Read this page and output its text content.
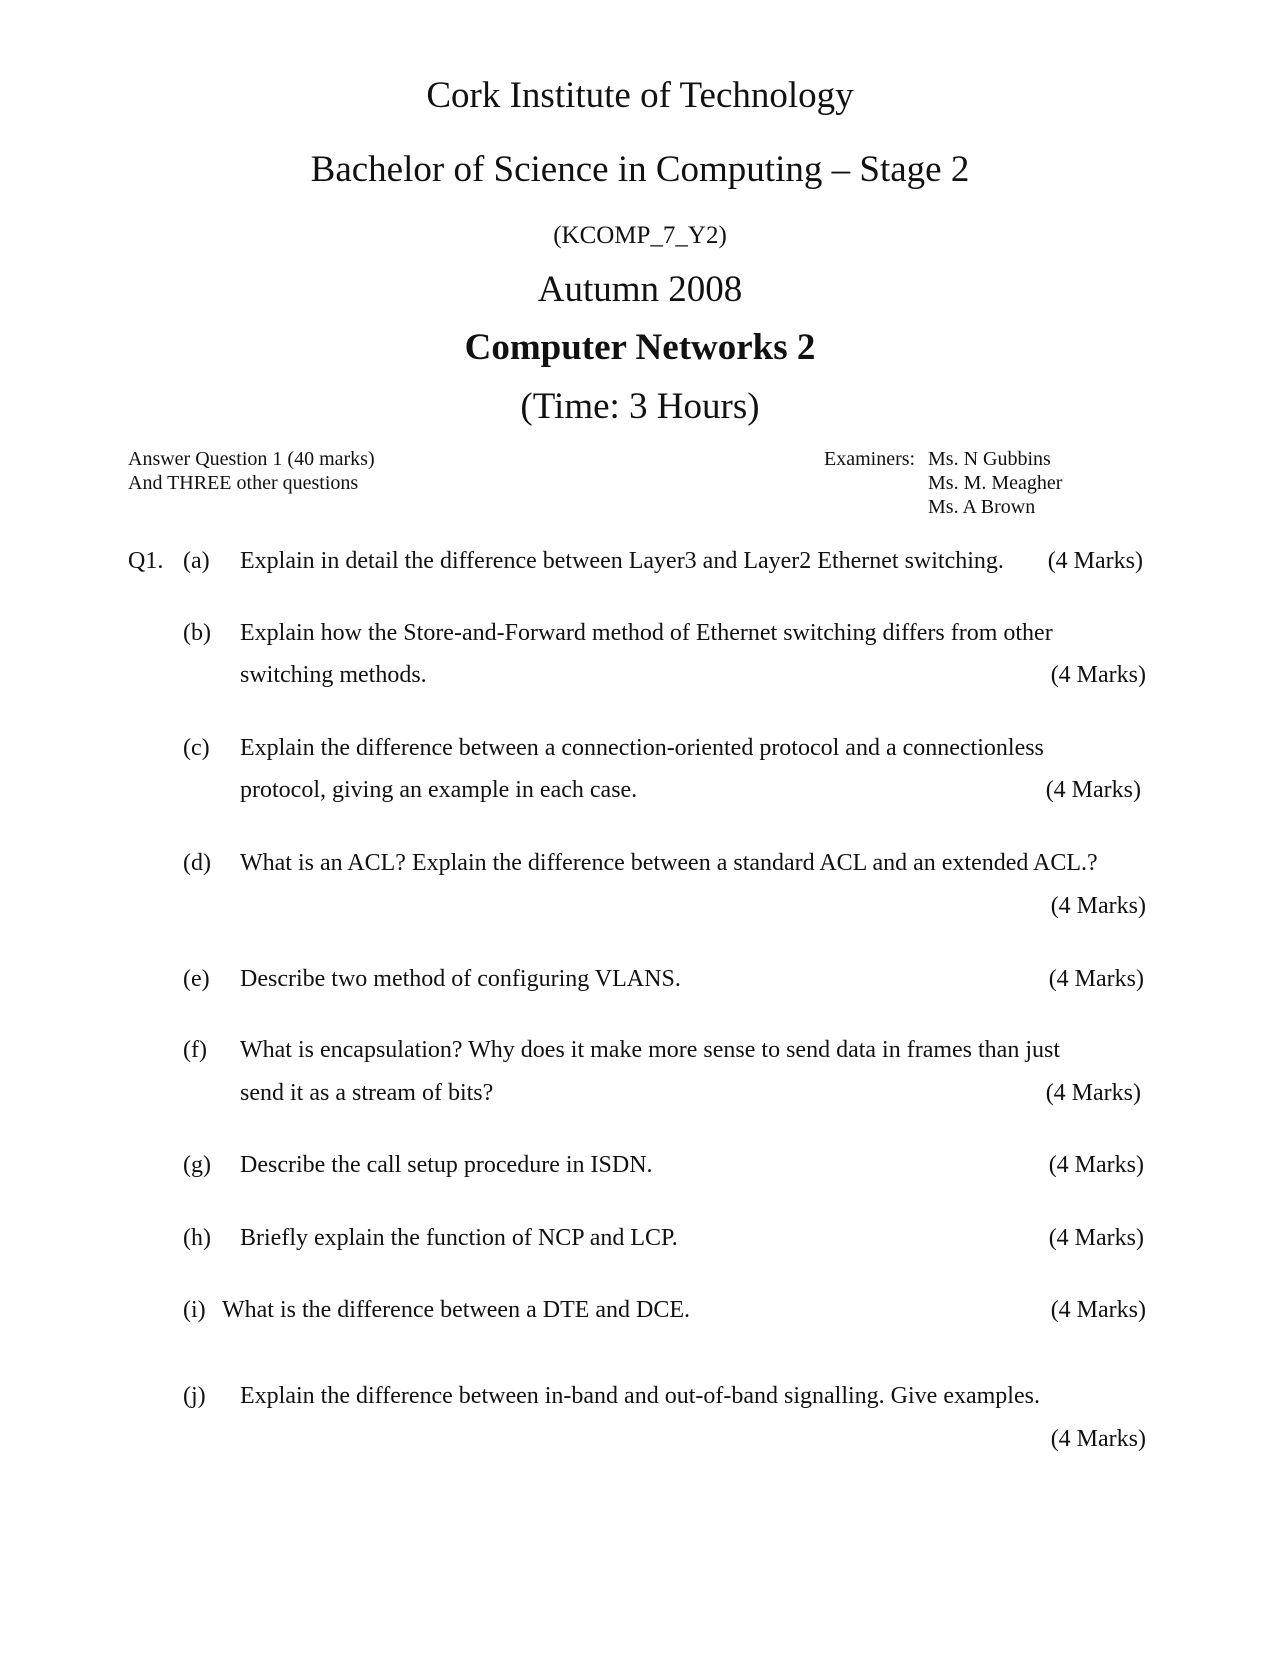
Cork Institute of Technology
Bachelor of Science in Computing – Stage 2
(KCOMP_7_Y2)
Autumn 2008
Computer Networks 2
(Time: 3 Hours)
Answer Question 1 (40 marks)
And THREE other questions
Examiners: Ms. N Gubbins
Ms. M. Meagher
Ms. A Brown
Q1. (a) Explain in detail the difference between Layer3 and Layer2 Ethernet switching. (4 Marks)
(b) Explain how the Store-and-Forward method of Ethernet switching differs from other
switching methods.	(4 Marks)
(c) Explain the difference between a connection-oriented protocol and a connectionless
protocol, giving an example in each case.	(4 Marks)
(d) What is an ACL? Explain the difference between a standard ACL and an extended ACL.?
(4 Marks)
(e) Describe two method of configuring VLANS.	(4 Marks)
(f) What is encapsulation? Why does it make more sense to send data in frames than just
send it as a stream of bits?	(4 Marks)
(g) Describe the call setup procedure in ISDN.	(4 Marks)
(h) Briefly explain the function of NCP and LCP.	(4 Marks)
(i) What is the difference between a DTE and DCE.	(4 Marks)
(j) Explain the difference between in-band and out-of-band signalling. Give examples.
(4 Marks)
